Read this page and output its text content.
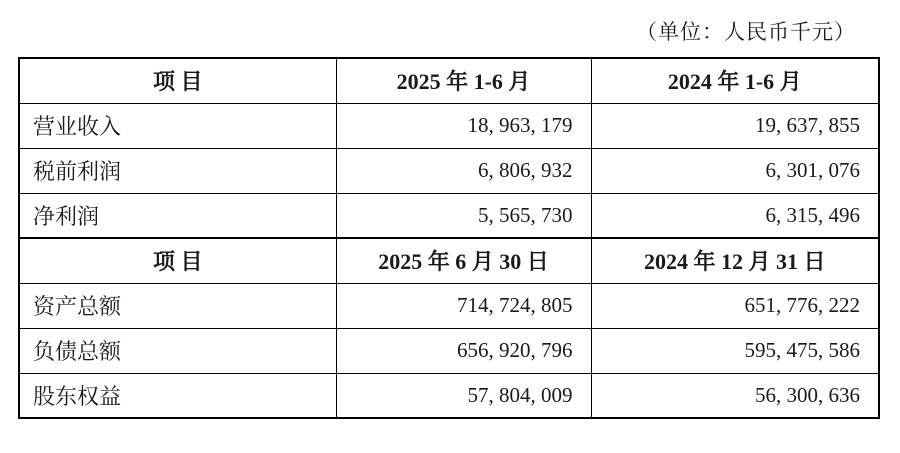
（单位：人民币千元）
项 目	2025 年 1-6 月	2024 年 1-6 月
营业收入	18, 963, 179	19, 637, 855
税前利润	6, 806, 932	6, 301, 076
净利润	5, 565, 730	6, 315, 496
项 目	2025 年 6 月 30 日	2024 年 12 月 31 日
资产总额	714, 724, 805	651, 776, 222
负债总额	656, 920, 796	595, 475, 586
股东权益	57, 804, 009	56, 300, 636
